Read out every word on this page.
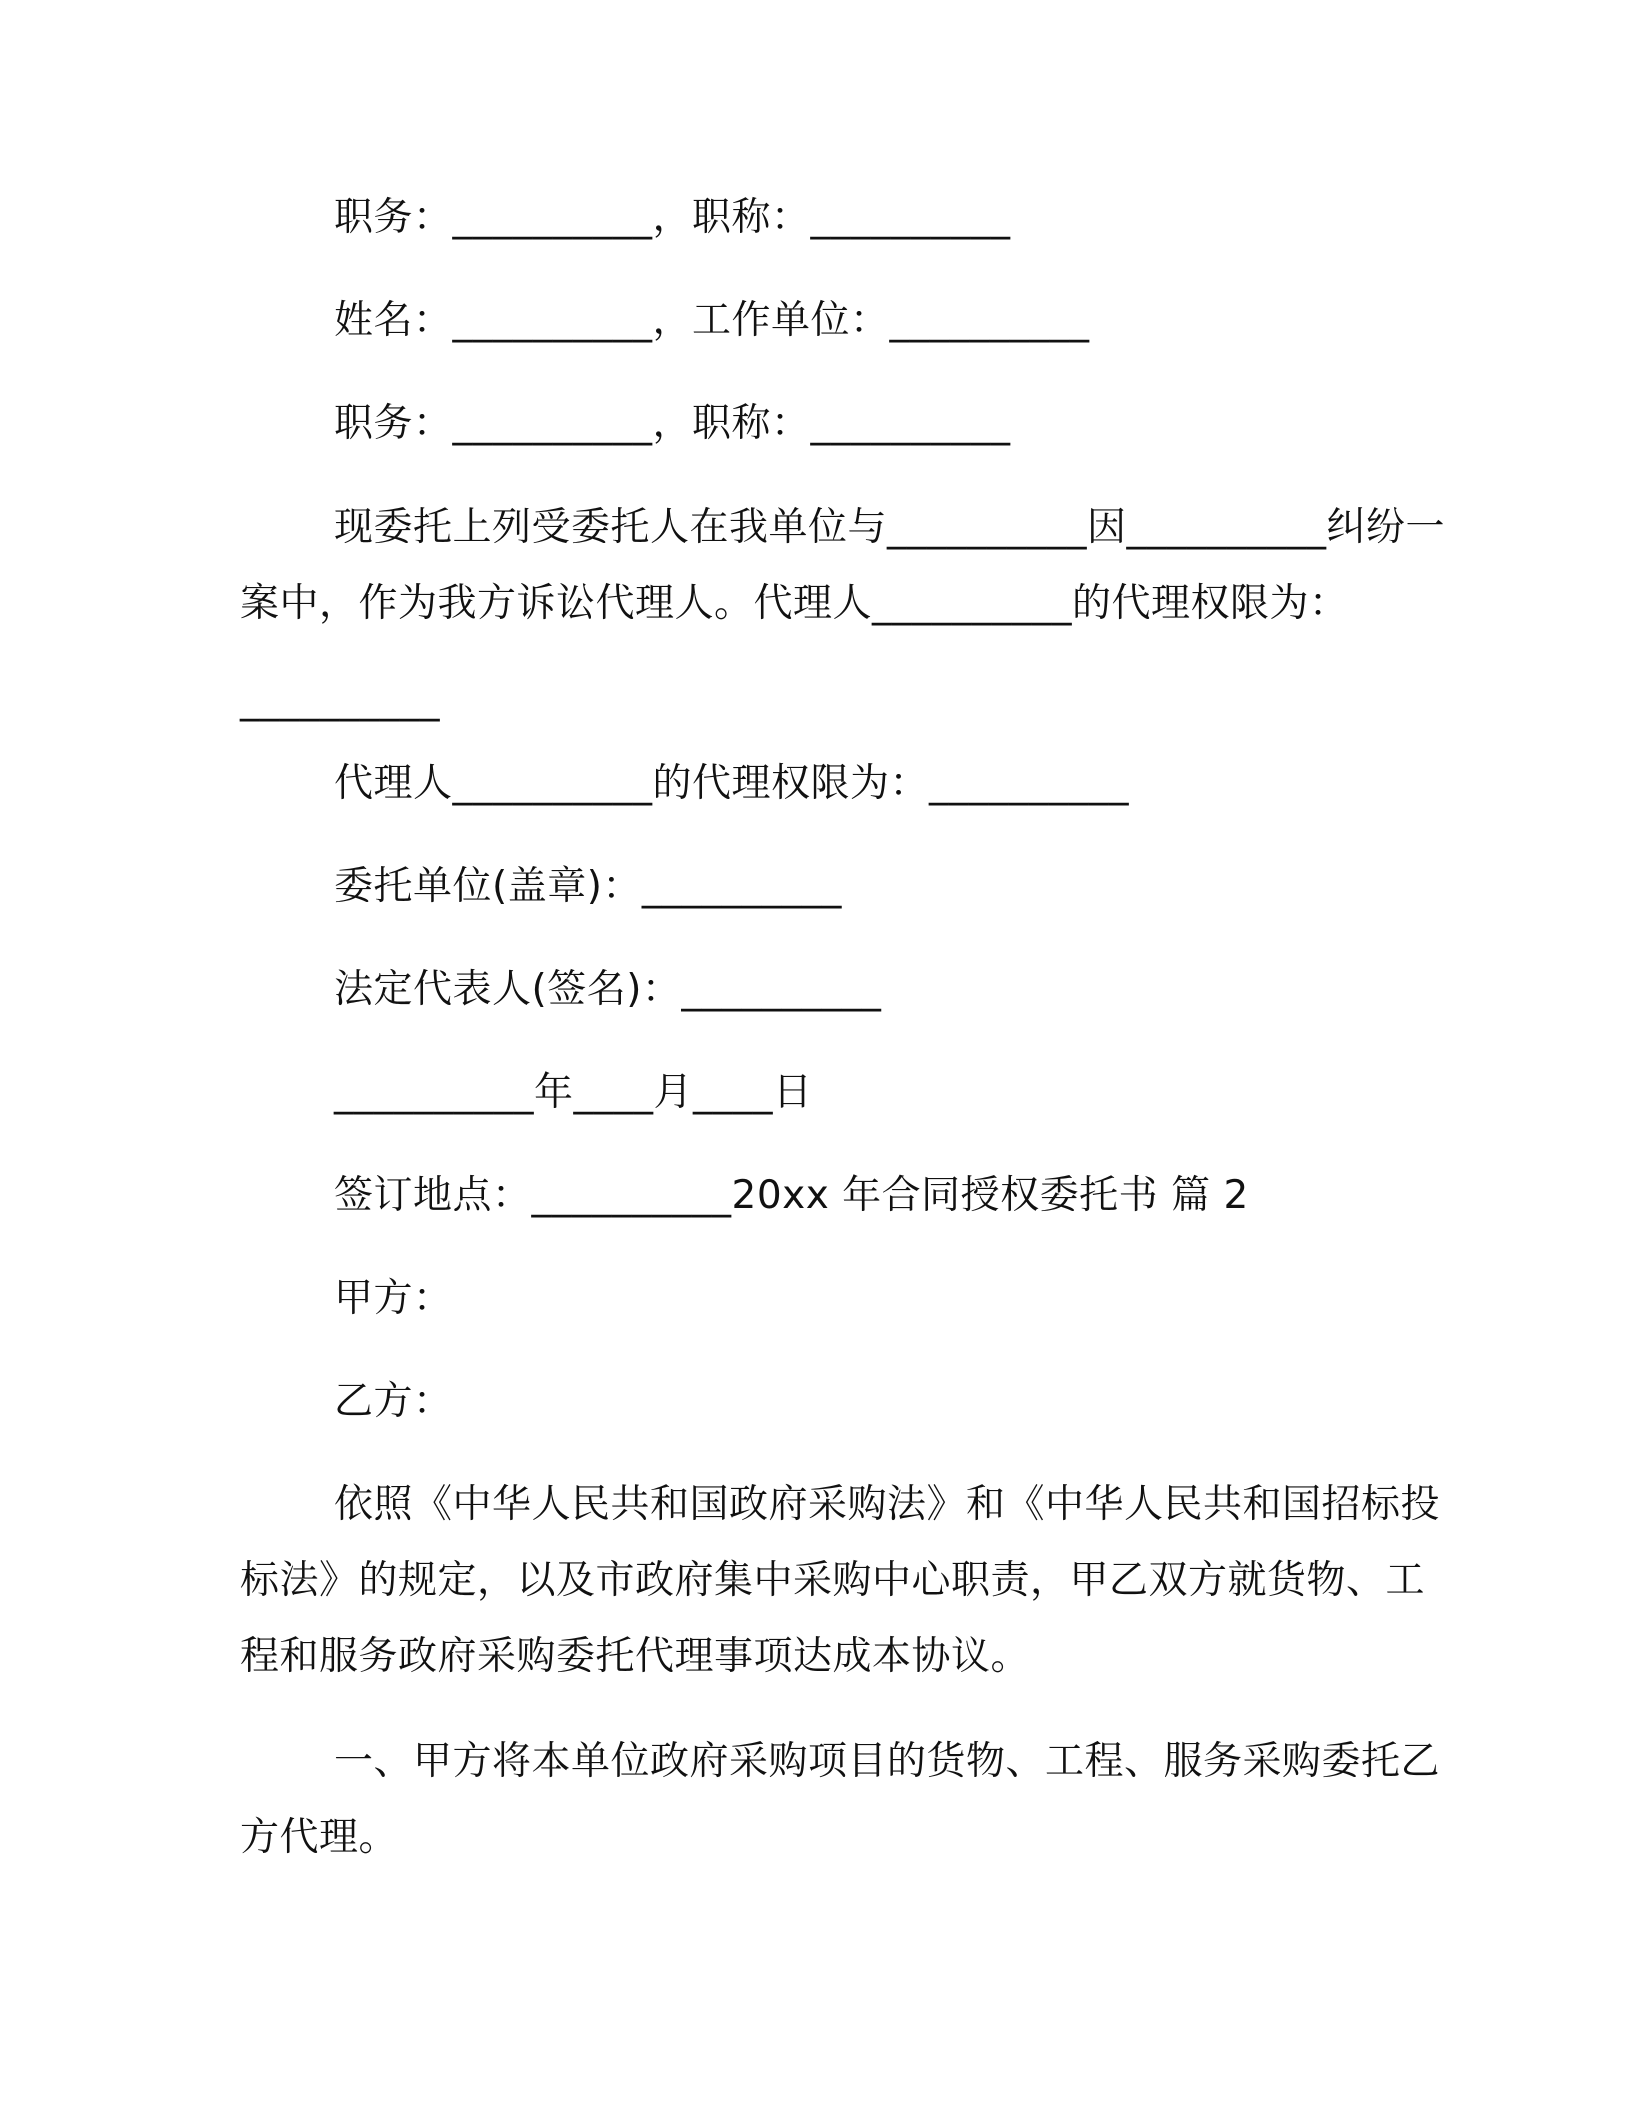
职务：__________，职称：__________
姓名：__________，工作单位：__________
职务：__________，职称：__________
现委托上列受委托人在我单位与__________因__________纠纷一
案中，作为我方诉讼代理人。代理人__________的代理权限为：
__________
代理人__________的代理权限为：__________
委托单位(盖章)：__________
法定代表人(签名)：__________
__________年____月____日
签订地点：__________20xx 年合同授权委托书 篇 2
甲方：
乙方：
依照《中华人民共和国政府采购法》和《中华人民共和国招标投
标法》的规定，以及市政府集中采购中心职责，甲乙双方就货物、工
程和服务政府采购委托代理事项达成本协议。
一、甲方将本单位政府采购项目的货物、工程、服务采购委托乙
方代理。
